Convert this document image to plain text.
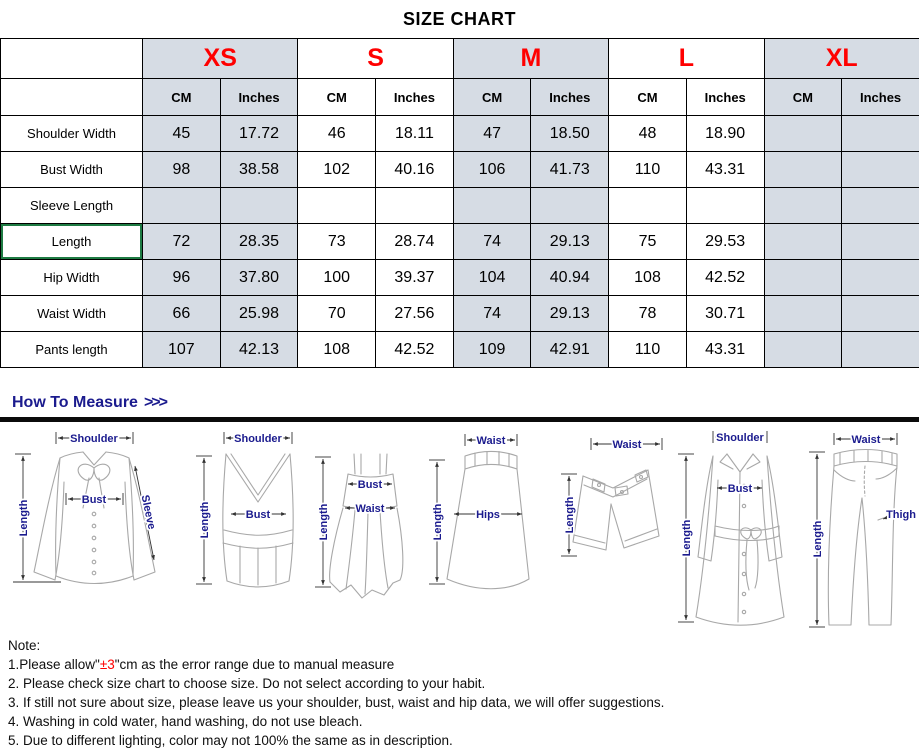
SIZE CHART
	XS		S		M		L		XL	
	CM	Inches	CM	Inches	CM	Inches	CM	Inches	CM	Inches
Shoulder Width	45	17.72	46	18.11	47	18.50	48	18.90		
Bust Width	98	38.58	102	40.16	106	41.73	110	43.31		
Sleeve Length										
Length	72	28.35	73	28.74	74	29.13	75	29.53		
Hip Width	96	37.80	100	39.37	104	40.94	108	42.52		
Waist Width	66	25.98	70	27.56	74	29.13	78	30.71		
Pants length	107	42.13	108	42.52	109	42.91	110	43.31		
How To Measure >>>
Shoulder
Length	Bust	Sleeve
Shoulder
Length	Bust
Bust
Waist
Length
Waist
Hips
Length
Waist
Length
Shoulder
Bust
Length
Waist
Thigh
Length
Note:
1.Please allow"±3"cm as the error range due to manual measure
2. Please check size chart to choose size. Do not select according to your habit.
3. If still not sure about size, please leave us your shoulder, bust, waist and hip data, we will offer suggestions.
4. Washing in cold water, hand washing, do not use bleach.
5. Due to different lighting, color may not 100% the same as in description.
